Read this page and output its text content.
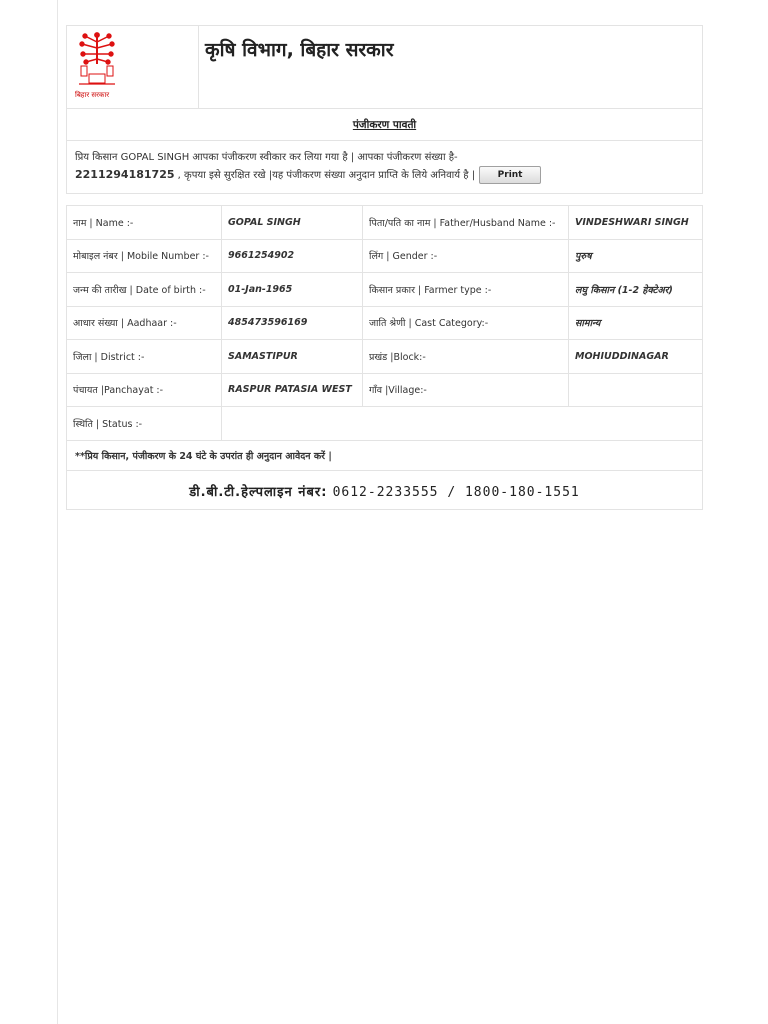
बिहार सरकार
कृषि विभाग, बिहार सरकार
पंजीकरण पावती
प्रिय किसान GOPAL SINGH आपका पंजीकरण स्वीकार कर लिया गया है | आपका पंजीकरण संख्या है-
2211294181725 , कृपया इसे सुरक्षित रखे |यह पंजीकरण संख्या अनुदान प्राप्ति के लिये अनिवार्य है |	Print
नाम | Name :-	GOPAL SINGH	पिता/पति का नाम | Father/Husband Name :-	VINDESHWARI SINGH
मोबाइल नंबर | Mobile Number :-	9661254902	लिंग | Gender :-	पुरुष
जन्म की तारीख | Date of birth :-	01-Jan-1965	किसान प्रकार | Farmer type :-	लघु किसान (1-2 हेक्टेअर)
आधार संख्या | Aadhaar :-	485473596169	जाति श्रेणी | Cast Category:-	सामान्य
जिला | District :-	SAMASTIPUR	प्रखंड |Block:-	MOHIUDDINAGAR
पंचायत |Panchayat :-	RASPUR PATASIA WEST	गाँव |Village:-	
स्थिति | Status :-			
**प्रिय किसान, पंजीकरण के 24 घंटे के उपरांत ही अनुदान आवेदन करें |
डी.बी.टी.हेल्पलाइन नंबर: 0612-2233555 / 1800-180-1551
